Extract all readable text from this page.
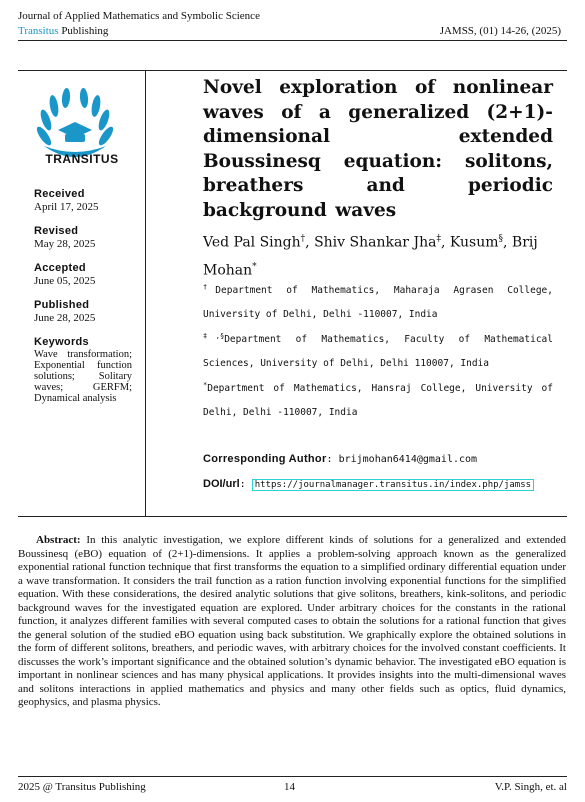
Journal of Applied Mathematics and Symbolic Science
Transitus Publishing	JAMSS, (01) 14-26, (2025)
TRANSITUS
Received
April 17, 2025
Revised
May 28, 2025
Accepted
June 05, 2025
Published
June 28, 2025
Keywords
Wave transformation; Exponential function solutions; Solitary waves; GERFM; Dynamical analysis
Novel exploration of nonlinear waves of a generalized (2+1)-dimensional extended Boussinesq equation: solitons, breathers and periodic background waves
Ved Pal Singh†, Shiv Shankar Jha‡, Kusum§, Brij Mohan*
†Department of Mathematics, Maharaja Agrasen College, University of Delhi, Delhi -110007, India
‡,§Department of Mathematics, Faculty of Mathematical Sciences, University of Delhi, Delhi 110007, India
*Department of Mathematics, Hansraj College, University of Delhi, Delhi -110007, India
Corresponding Author: brijmohan6414@gmail.com
DOI/url: https://journalmanager.transitus.in/index.php/jamss
Abstract: In this analytic investigation, we explore different kinds of solutions for a generalized and extended Boussinesq (eBO) equation of (2+1)-dimensions. It applies a problem-solving approach known as the generalized exponential rational function technique that first transforms the equation to a simplified ordinary differential equation under a wave transformation. It considers the trail function as a ration function involving exponential functions for the simplified equation. With these considerations, the desired analytic solutions that give solitons, breathers, kink-solitons, and periodic background waves for the investigated equation are explored. Under arbitrary choices for the constants in the rational function, it analyzes different families with several computed cases to obtain the solutions for a rational function that gives the general solution of the studied eBO equation using back substitution. We graphically explore the obtained solutions in the form of different solitons, breathers, and periodic waves, with arbitrary choices for the involved constant coefficients. It discusses the work’s important significance and the obtained solution’s dynamic behavior. The investigated eBO equation is important in nonlinear sciences and has many physical applications. It provides insights into the multi-dimensional waves and solitons interactions in applied mathematics and physics and many other fields such as optics, fluid dynamics, geophysics, and plasma physics.
2025 @ Transitus Publishing	14	V.P. Singh, et. al
